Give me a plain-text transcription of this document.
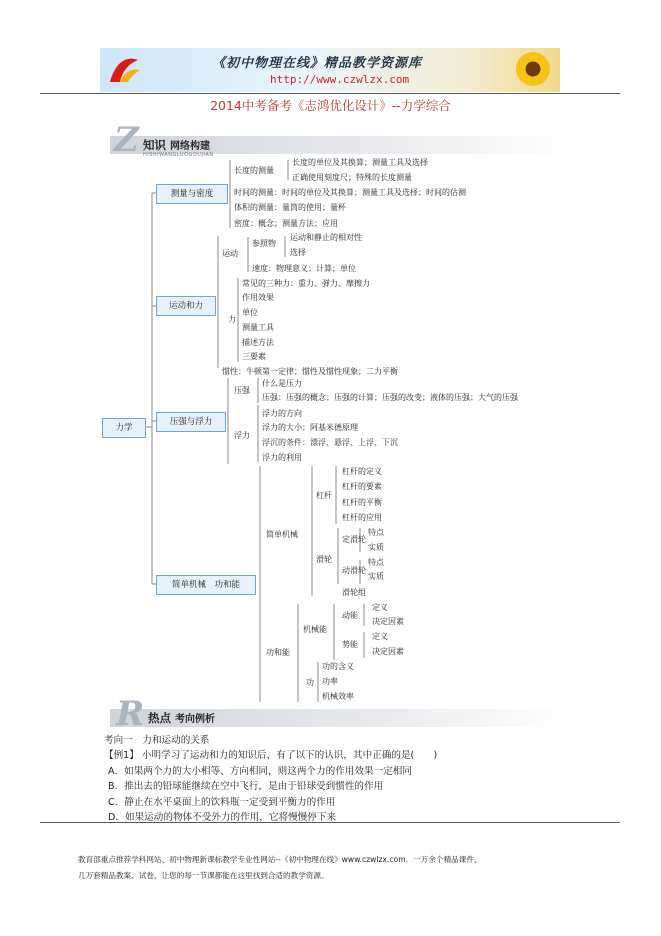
《初中物理在线》精品教学资源库
http://www.czwlzx.com
2014中考备考《志鸿优化设计》--力学综合
Z 知识 网络构建
HISHIWANGLUOGOUJIAN
力学
测量与密度
运动和力
压强与浮力
简单机械　功和能
长度的测量
长度的单位及其换算；测量工具及选择
正确使用刻度尺；特殊的长度测量
时间的测量：时间的单位及其换算；测量工具及选择；时间的估测
体积的测量：量筒的使用；量杯
密度：概念；测量方法；应用
运动
参照物
运动和静止的相对性
选择
速度：物理意义；计算；单位
力
常见的三种力：重力、弹力、摩擦力
作用效果
单位
测量工具
描述方法
三要素
惯性：牛顿第一定律；惯性及惯性现象；二力平衡
压强
什么是压力
压强：压强的概念；压强的计算；压强的改变；液体的压强；大气的压强
浮力
浮力的方向
浮力的大小：阿基米德原理
浮沉的条件：漂浮、悬浮、上浮、下沉
浮力的利用
简单机械
杠杆
杠杆的定义
杠杆的要素
杠杆的平衡
杠杆的应用
滑轮
定滑轮
特点
实质
动滑轮
特点
实质
滑轮组
功和能
机械能
动能
定义
决定因素
势能
定义
决定因素
功
功的含义
功率
机械效率
R 热点 考向例析
考向一　力和运动的关系
【例1】 小明学习了运动和力的知识后，有了以下的认识，其中正确的是(　　)
A．如果两个力的大小相等、方向相同，则这两个力的作用效果一定相同
B．推出去的铅球能继续在空中飞行，是由于铅球受到惯性的作用
C．静止在水平桌面上的饮料瓶一定受到平衡力的作用
D．如果运动的物体不受外力的作用，它将慢慢停下来
教育部重点推荐学科网站、初中物理新课标教学专业性网站--《初中物理在线》www.czwlzx.com．一万余个精品课件、
几万套精品教案、试卷，让您的每一节课都能在这里找到合适的教学资源。
